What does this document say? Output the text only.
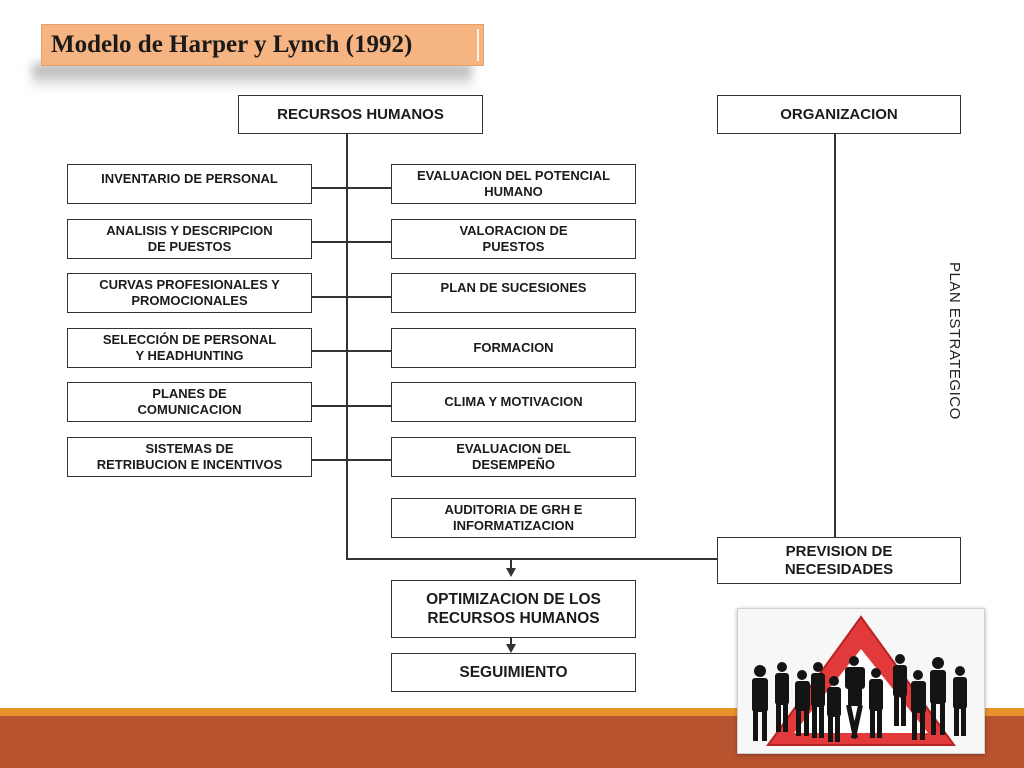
Modelo de Harper y Lynch (1992)
RECURSOS HUMANOS	ORGANIZACION
INVENTARIO DE PERSONAL
ANALISIS Y DESCRIPCION
DE PUESTOS
CURVAS PROFESIONALES Y
PROMOCIONALES
SELECCIÓN DE PERSONAL
Y HEADHUNTING
PLANES DE
COMUNICACION
SISTEMAS DE
RETRIBUCION E INCENTIVOS
EVALUACION DEL POTENCIAL
HUMANO
VALORACION DE
PUESTOS
PLAN DE SUCESIONES
FORMACION
CLIMA Y MOTIVACION
EVALUACION DEL
DESEMPEÑO
AUDITORIA DE GRH E
INFORMATIZACION
PREVISION DE
NECESIDADES
OPTIMIZACION DE LOS
RECURSOS HUMANOS
SEGUIMIENTO
PLAN ESTRATEGICO
